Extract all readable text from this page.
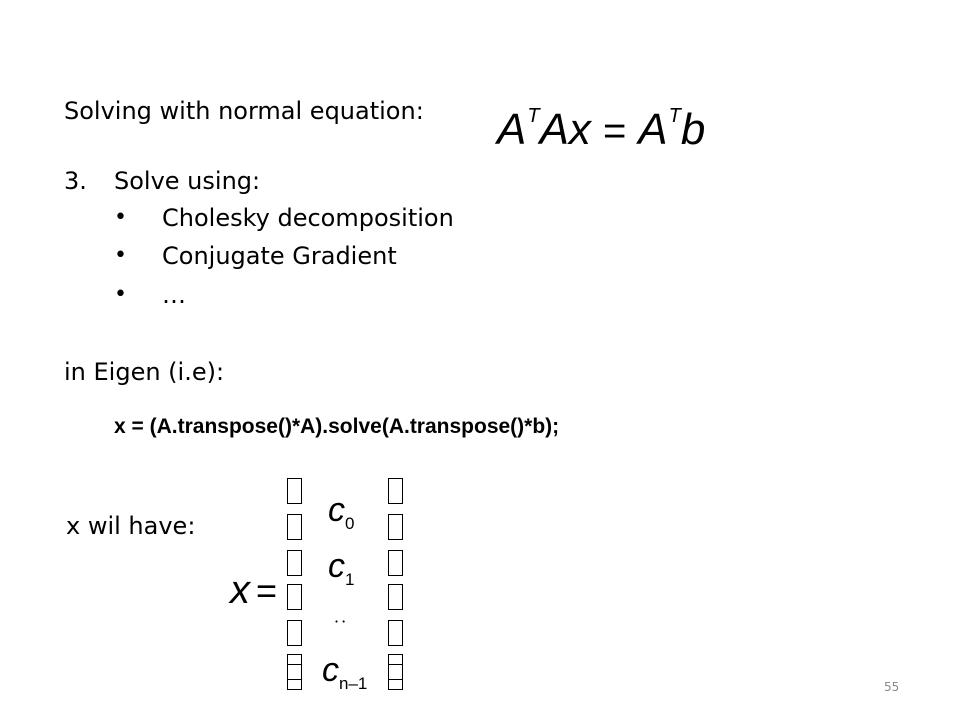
Solving with normal equation: $A^TAx = A^Tb$
3. Solve using:
• Cholesky decomposition
• Conjugate Gradient
• …
in Eigen (i.e):
x = (A.transpose()*A).solve(A.transpose()*b);
x wil have:
x =
$c_0$
$c_1$
··
$c_{n-1}$	55
